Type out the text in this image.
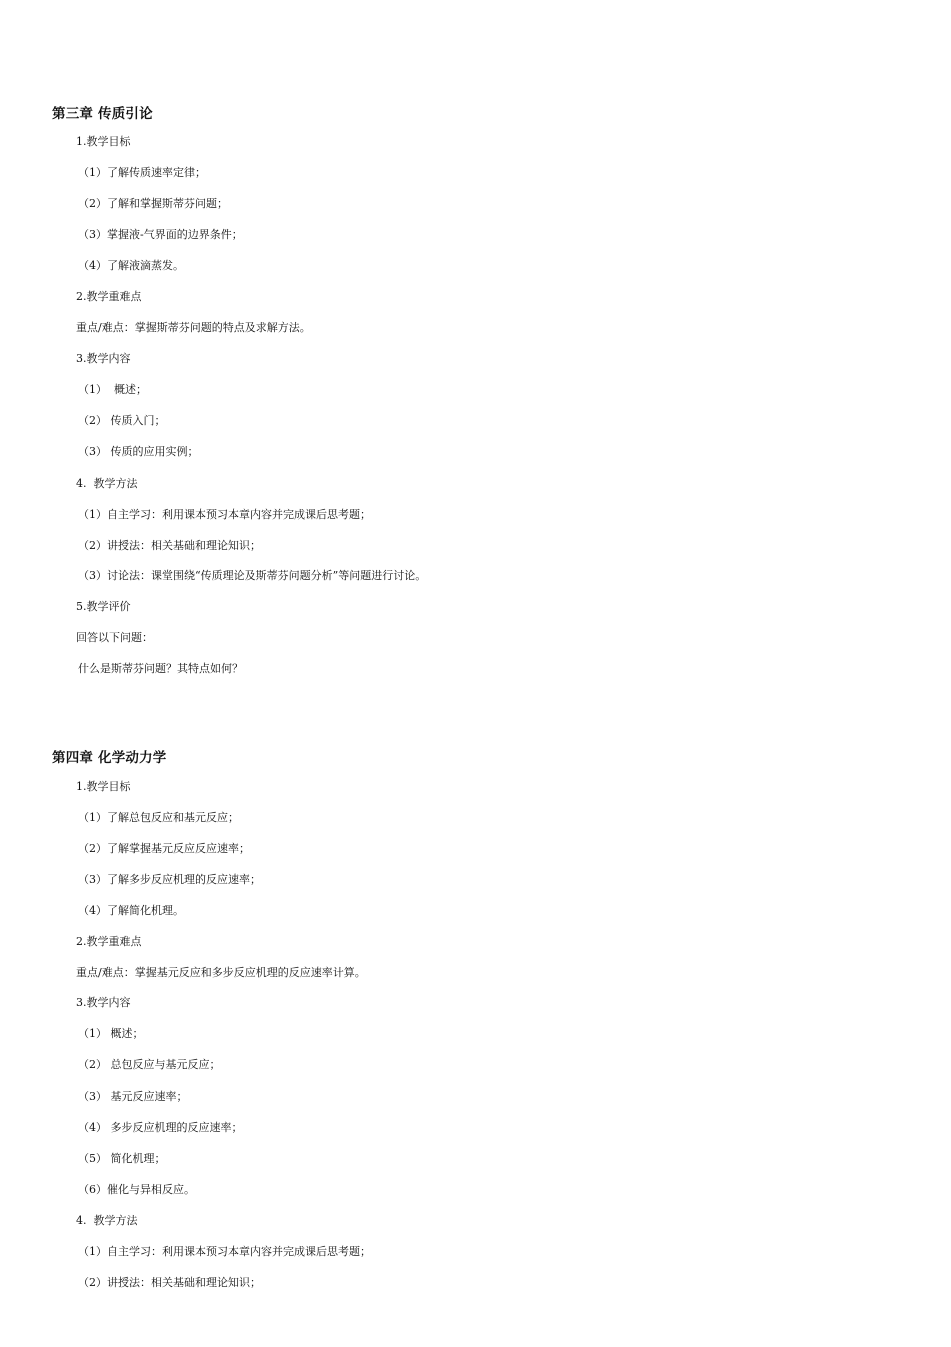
第三章 传质引论
1.教学目标
（1）了解传质速率定律；
（2）了解和掌握斯蒂芬问题；
（3）掌握液-气界面的边界条件；
（4）了解液滴蒸发。
2.教学重难点
重点/难点：掌握斯蒂芬问题的特点及求解方法。
3.教学内容
（1）  概述；
（2） 传质入门；
（3） 传质的应用实例；
4.  教学方法
（1）自主学习：利用课本预习本章内容并完成课后思考题；
（2）讲授法：相关基础和理论知识；
（3）讨论法：课堂围绕“传质理论及斯蒂芬问题分析”等问题进行讨论。
5.教学评价
回答以下问题：
什么是斯蒂芬问题？其特点如何？
第四章 化学动力学
1.教学目标
（1）了解总包反应和基元反应；
（2）了解掌握基元反应反应速率；
（3）了解多步反应机理的反应速率；
（4）了解简化机理。
2.教学重难点
重点/难点：掌握基元反应和多步反应机理的反应速率计算。
3.教学内容
（1） 概述；
（2） 总包反应与基元反应；
（3） 基元反应速率；
（4） 多步反应机理的反应速率；
（5） 简化机理；
（6）催化与异相反应。
4.  教学方法
（1）自主学习：利用课本预习本章内容并完成课后思考题；
（2）讲授法：相关基础和理论知识；
